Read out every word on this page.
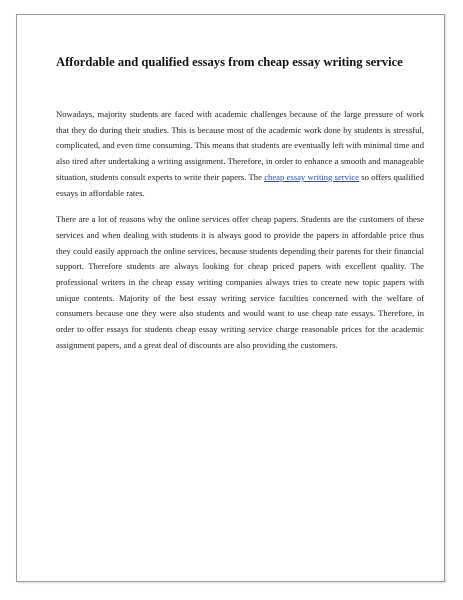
Affordable and qualified essays from cheap essay writing service

Nowadays, majority students are faced with academic challenges because of the large pressure of work that they do during their studies. This is because most of the academic work done by students is stressful, complicated, and even time consuming. This means that students are eventually left with minimal time and also tired after undertaking a writing assignment. Therefore, in order to enhance a smooth and manageable situation, students consult experts to write their papers. The cheap essay writing service so offers qualified essays in affordable rates.

There are a lot of reasons why the online services offer cheap papers. Students are the customers of these services and when dealing with students it is always good to provide the papers in affordable price thus they could easily approach the online services, because students depending their parents for their financial support. Therefore students are always looking for cheap priced papers with excellent quality. The professional writers in the cheap essay writing companies always tries to create new topic papers with unique contents. Majority of the best essay writing service faculties concerned with the welfare of consumers because one they were also students and would want to use cheap rate essays. Therefore, in order to offer essays for students cheap essay writing service charge reasonable prices for the academic assignment papers, and a great deal of discounts are also providing the customers.
